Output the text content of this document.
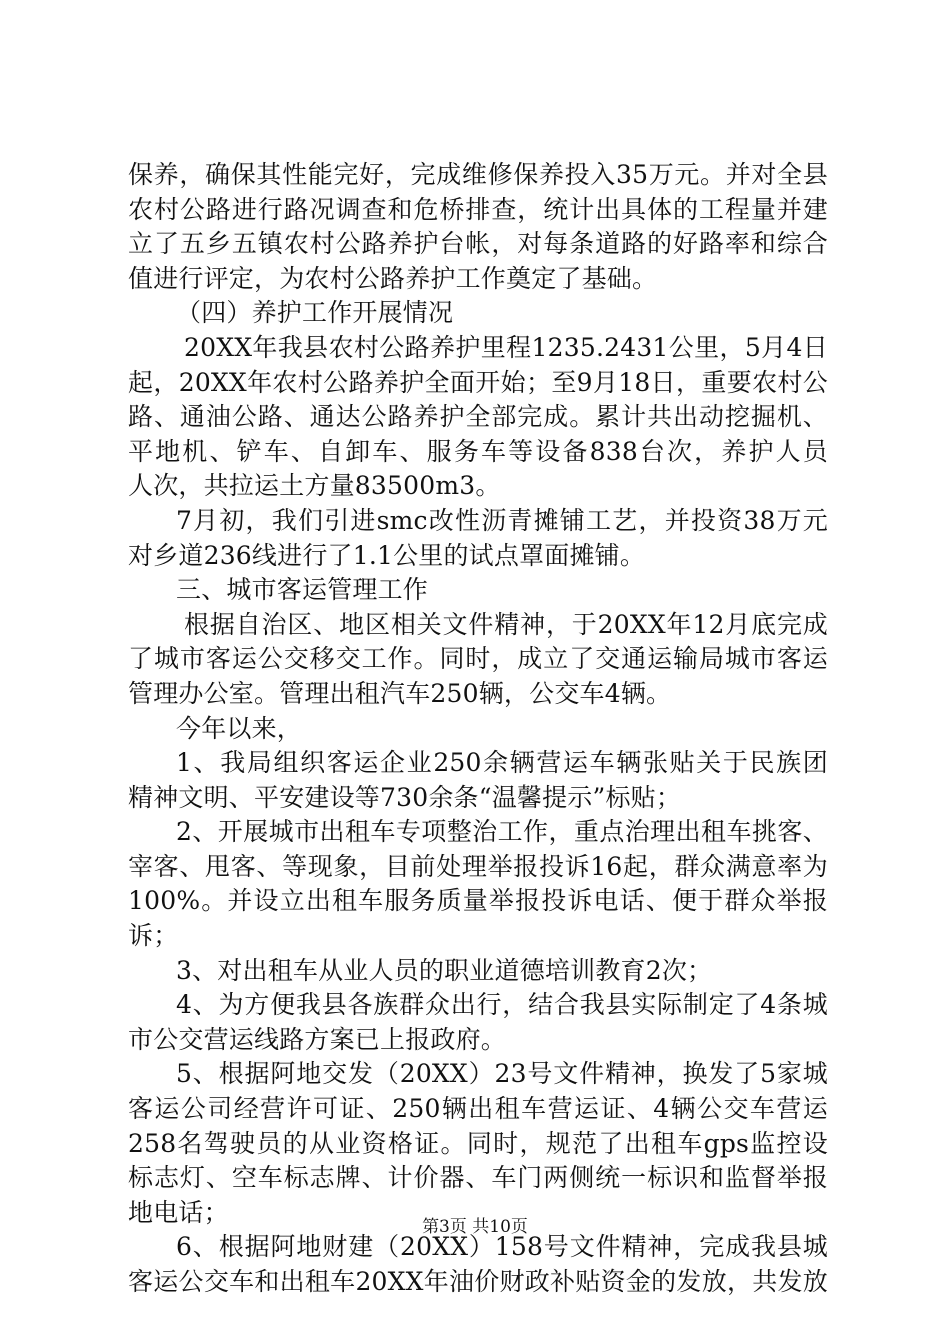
保养，确保其性能完好，完成维修保养投入35万元。并对全县
农村公路进行路况调查和危桥排查，统计出具体的工程量并建
立了五乡五镇农村公路养护台帐，对每条道路的好路率和综合
值进行评定，为农村公路养护工作奠定了基础。
（四）养护工作开展情况
20XX年我县农村公路养护里程1235.2431公里，5月4日
起，20XX年农村公路养护全面开始；至9月18日，重要农村公
路、通油公路、通达公路养护全部完成。累计共出动挖掘机、
平地机、铲车、自卸车、服务车等设备838台次，养护人员
人次，共拉运土方量83500m3。
7月初，我们引进smc改性沥青摊铺工艺，并投资38万元
对乡道236线进行了1.1公里的试点罩面摊铺。
三、城市客运管理工作
根据自治区、地区相关文件精神，于20XX年12月底完成
了城市客运公交移交工作。同时，成立了交通运输局城市客运
管理办公室。管理出租汽车250辆，公交车4辆。
今年以来，
1、我局组织客运企业250余辆营运车辆张贴关于民族团
精神文明、平安建设等730余条“温馨提示”标贴；
2、开展城市出租车专项整治工作，重点治理出租车挑客、
宰客、甩客、等现象，目前处理举报投诉16起，群众满意率为
100%。并设立出租车服务质量举报投诉电话、便于群众举报
诉；
3、对出租车从业人员的职业道德培训教育2次；
4、为方便我县各族群众出行，结合我县实际制定了4条城
市公交营运线路方案已上报政府。
5、根据阿地交发（20XX）23号文件精神，换发了5家城
客运公司经营许可证、250辆出租车营运证、4辆公交车营运
258名驾驶员的从业资格证。同时，规范了出租车gps监控设
标志灯、空车标志牌、计价器、车门两侧统一标识和监督举报
地电话；
6、根据阿地财建（20XX）158号文件精神，完成我县城
客运公交车和出租车20XX年油价财政补贴资金的发放，共发放
第3页 共10页
